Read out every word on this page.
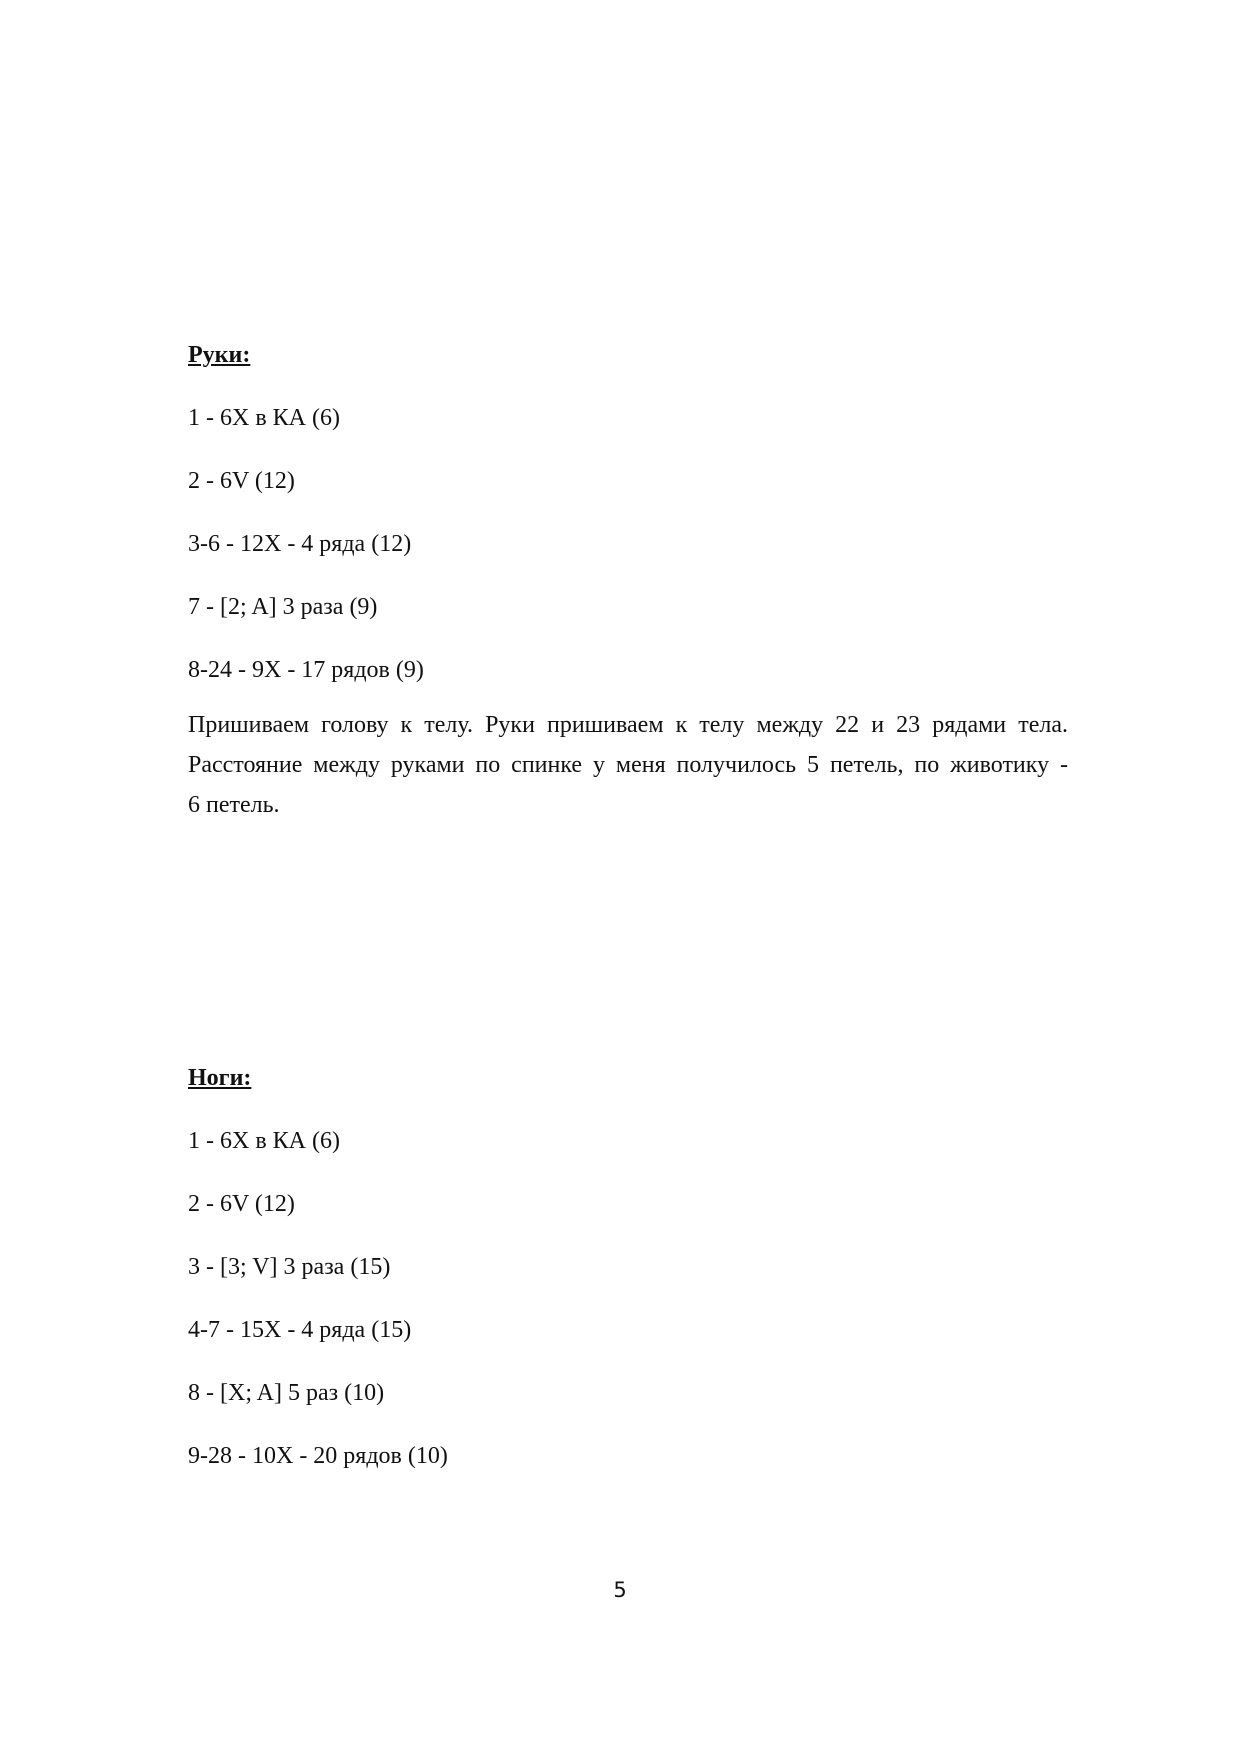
Руки:

1 - 6X в КА (6)

2 - 6V (12)

3-6 - 12X - 4 ряда (12)

7 - [2; A] 3 раза (9)

8-24 - 9X - 17 рядов (9)

Пришиваем голову к телу. Руки пришиваем к телу между 22 и 23 рядами тела.
Расстояние между руками по спинке у меня получилось 5 петель, по животику -
6 петель.

Ноги:

1 - 6X в КА (6)

2 - 6V (12)

3 - [3; V] 3 раза (15)

4-7 - 15X - 4 ряда (15)

8 - [X; A] 5 раз (10)

9-28 - 10X - 20 рядов (10)

5
